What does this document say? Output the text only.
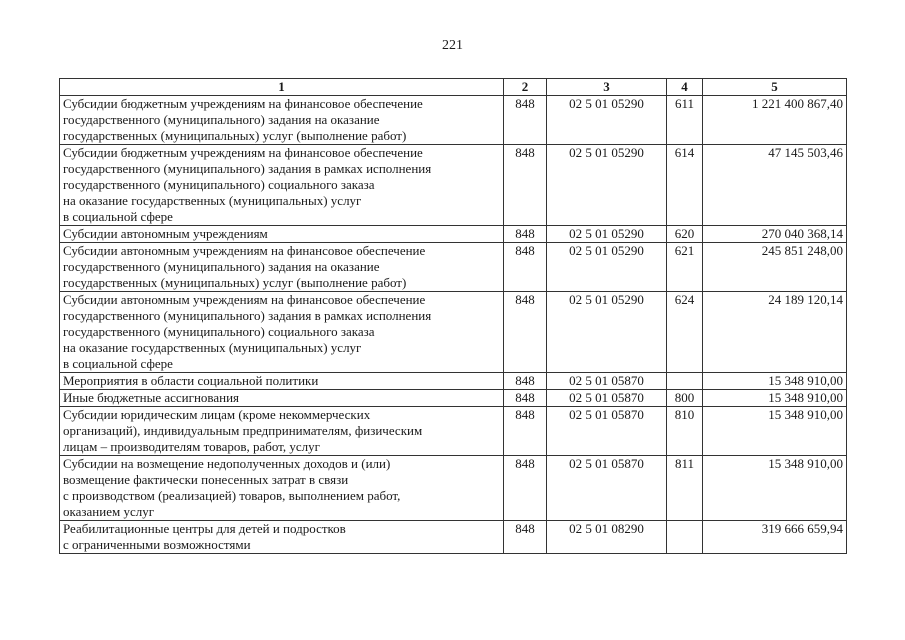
221
1	2	3	4	5
Субсидии бюджетным учреждениям на финансовое обеспечение
государственного (муниципального) задания на оказание
государственных (муниципальных) услуг (выполнение работ)	848	02 5 01 05290	611	1 221 400 867,40
Субсидии бюджетным учреждениям на финансовое обеспечение
государственного (муниципального) задания в рамках исполнения
государственного (муниципального) социального заказа
на оказание государственных (муниципальных) услуг
в социальной сфере	848	02 5 01 05290	614	47 145 503,46
Субсидии автономным учреждениям	848	02 5 01 05290	620	270 040 368,14
Субсидии автономным учреждениям на финансовое обеспечение
государственного (муниципального) задания на оказание
государственных (муниципальных) услуг (выполнение работ)	848	02 5 01 05290	621	245 851 248,00
Субсидии автономным учреждениям на финансовое обеспечение
государственного (муниципального) задания в рамках исполнения
государственного (муниципального) социального заказа
на оказание государственных (муниципальных) услуг
в социальной сфере	848	02 5 01 05290	624	24 189 120,14
Мероприятия в области социальной политики	848	02 5 01 05870		15 348 910,00
Иные бюджетные ассигнования	848	02 5 01 05870	800	15 348 910,00
Субсидии юридическим лицам (кроме некоммерческих
организаций), индивидуальным предпринимателям, физическим
лицам – производителям товаров, работ, услуг	848	02 5 01 05870	810	15 348 910,00
Субсидии на возмещение недополученных доходов и (или)
возмещение фактически понесенных затрат в связи
с производством (реализацией) товаров, выполнением работ,
оказанием услуг	848	02 5 01 05870	811	15 348 910,00
Реабилитационные центры для детей и подростков
с ограниченными возможностями	848	02 5 01 08290		319 666 659,94
